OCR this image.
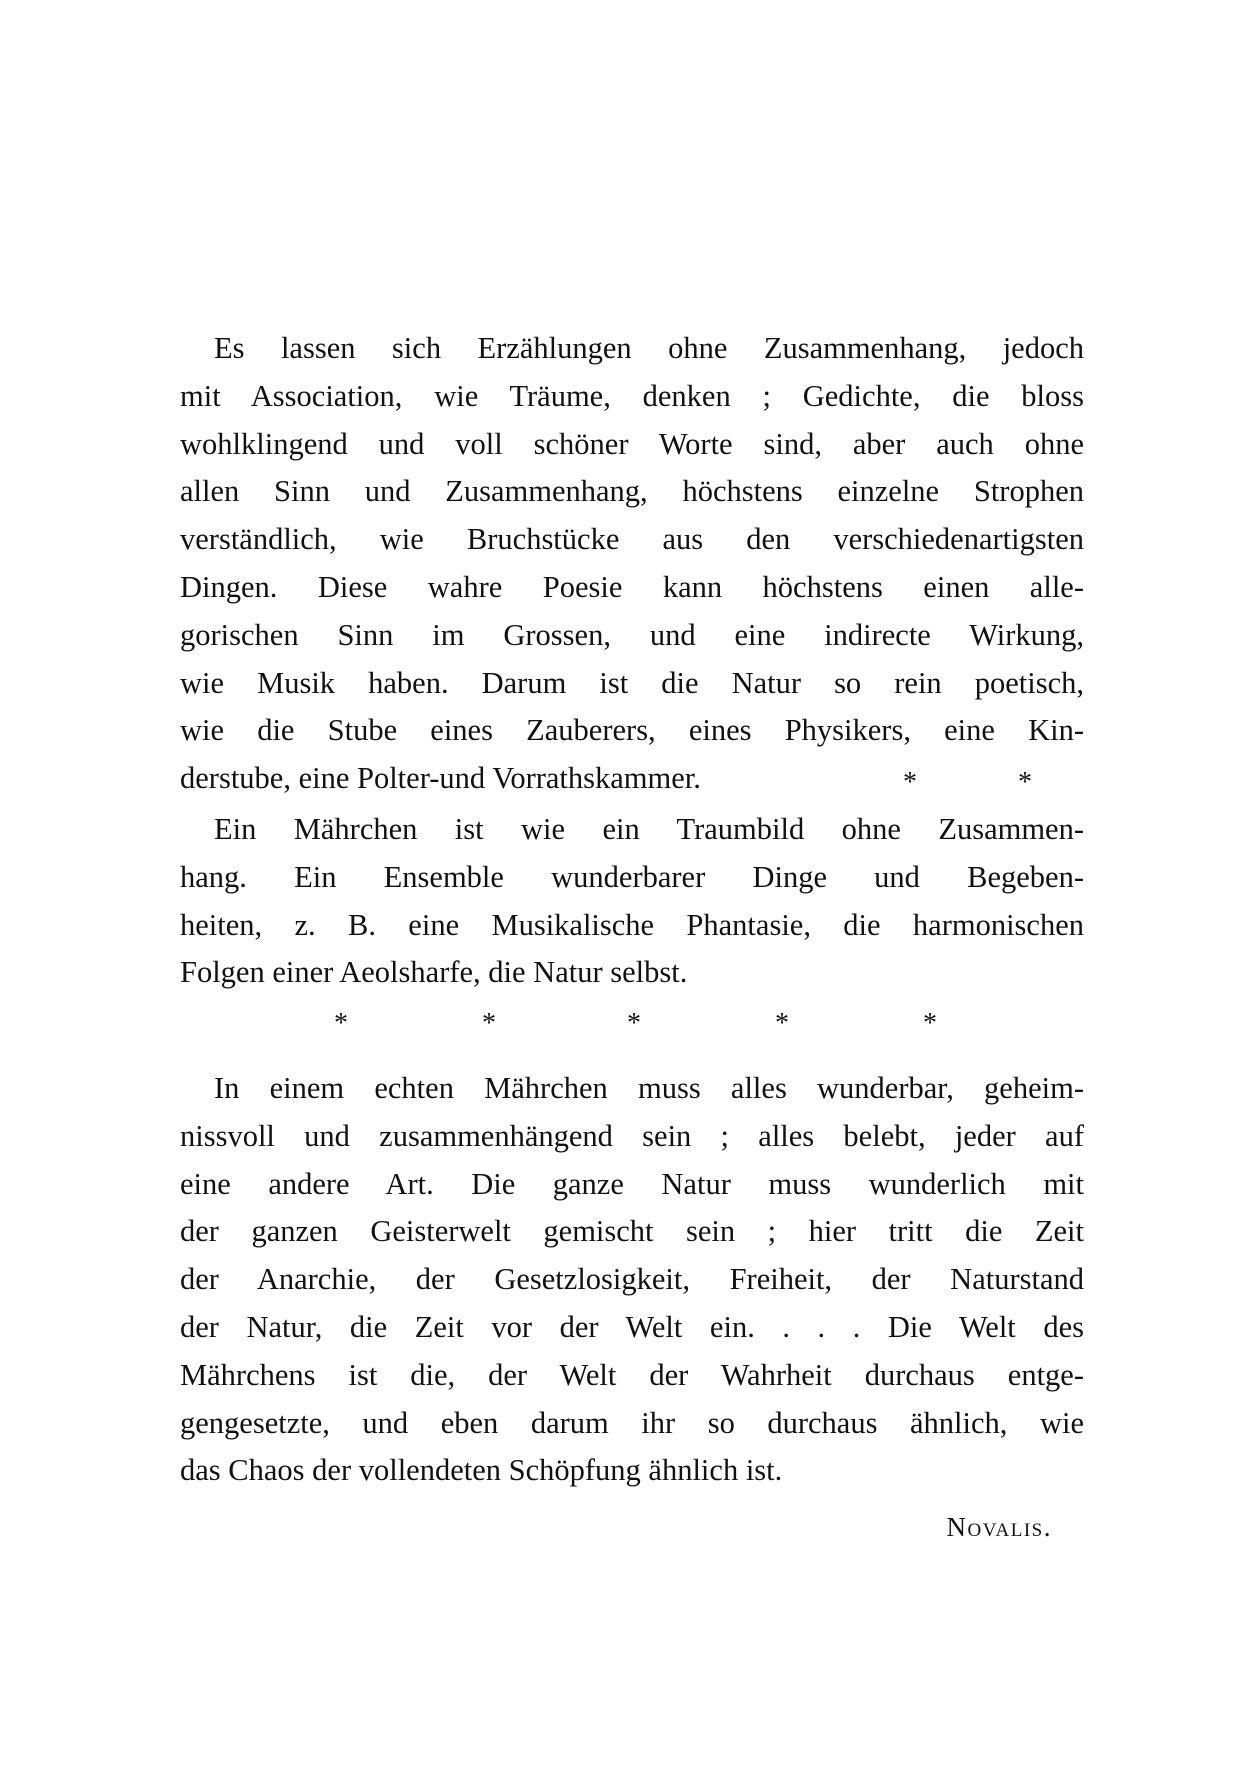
Es lassen sich Erzählungen ohne Zusammenhang, jedoch
mit Association, wie Träume, denken ; Gedichte, die bloss
wohlklingend und voll schöner Worte sind, aber auch ohne
allen Sinn und Zusammenhang, höchstens einzelne Strophen
verständlich, wie Bruchstücke aus den verschiedenartigsten
Dingen. Diese wahre Poesie kann höchstens einen alle-
gorischen Sinn im Grossen, und eine indirecte Wirkung,
wie Musik haben. Darum ist die Natur so rein poetisch,
wie die Stube eines Zauberers, eines Physikers, eine Kin-
derstube, eine Polter-und Vorrathskammer.	*	*
Ein Mährchen ist wie ein Traumbild ohne Zusammen-
hang. Ein Ensemble wunderbarer Dinge und Begeben-
heiten, z. B. eine Musikalische Phantasie, die harmonischen
Folgen einer Aeolsharfe, die Natur selbst.
*	*	*	*	*
In einem echten Mährchen muss alles wunderbar, geheim-
nissvoll und zusammenhängend sein ; alles belebt, jeder auf
eine andere Art. Die ganze Natur muss wunderlich mit
der ganzen Geisterwelt gemischt sein ; hier tritt die Zeit
der Anarchie, der Gesetzlosigkeit, Freiheit, der Naturstand
der Natur, die Zeit vor der Welt ein. . . . Die Welt des
Mährchens ist die, der Welt der Wahrheit durchaus entge-
gengesetzte, und eben darum ihr so durchaus ähnlich, wie
das Chaos der vollendeten Schöpfung ähnlich ist.
Novalis.
